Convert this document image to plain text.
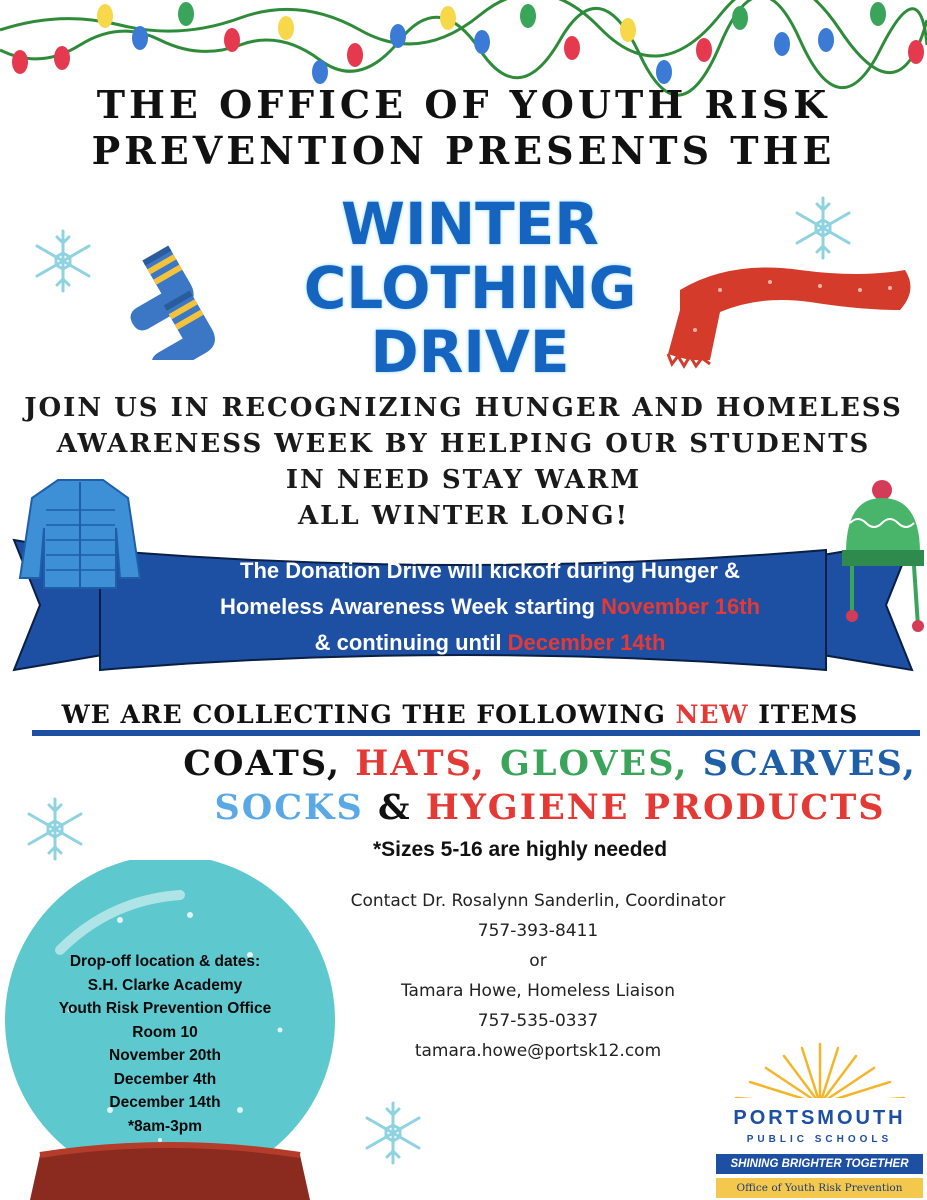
THE OFFICE OF YOUTH RISK
PREVENTION PRESENTS THE
WINTER
CLOTHING
DRIVE
JOIN US IN RECOGNIZING HUNGER AND HOMELESS
AWARENESS WEEK BY HELPING OUR STUDENTS
IN NEED STAY WARM
ALL WINTER LONG!
The Donation Drive will kickoff during Hunger &
Homeless Awareness Week starting November 16th
& continuing until December 14th
WE ARE COLLECTING THE FOLLOWING NEW ITEMS
COATS, HATS, GLOVES, SCARVES,
SOCKS & HYGIENE PRODUCTS
*Sizes 5-16 are highly needed
Contact Dr. Rosalynn Sanderlin, Coordinator
757-393-8411
or
Tamara Howe, Homeless Liaison
757-535-0337
tamara.howe@portsk12.com
Drop-off location & dates:
S.H. Clarke Academy
Youth Risk Prevention Office
Room 10
November 20th
December 4th
December 14th
*8am-3pm	PORTSMOUTH
PUBLIC SCHOOLS
SHINING BRIGHTER TOGETHER
Office of Youth Risk Prevention
